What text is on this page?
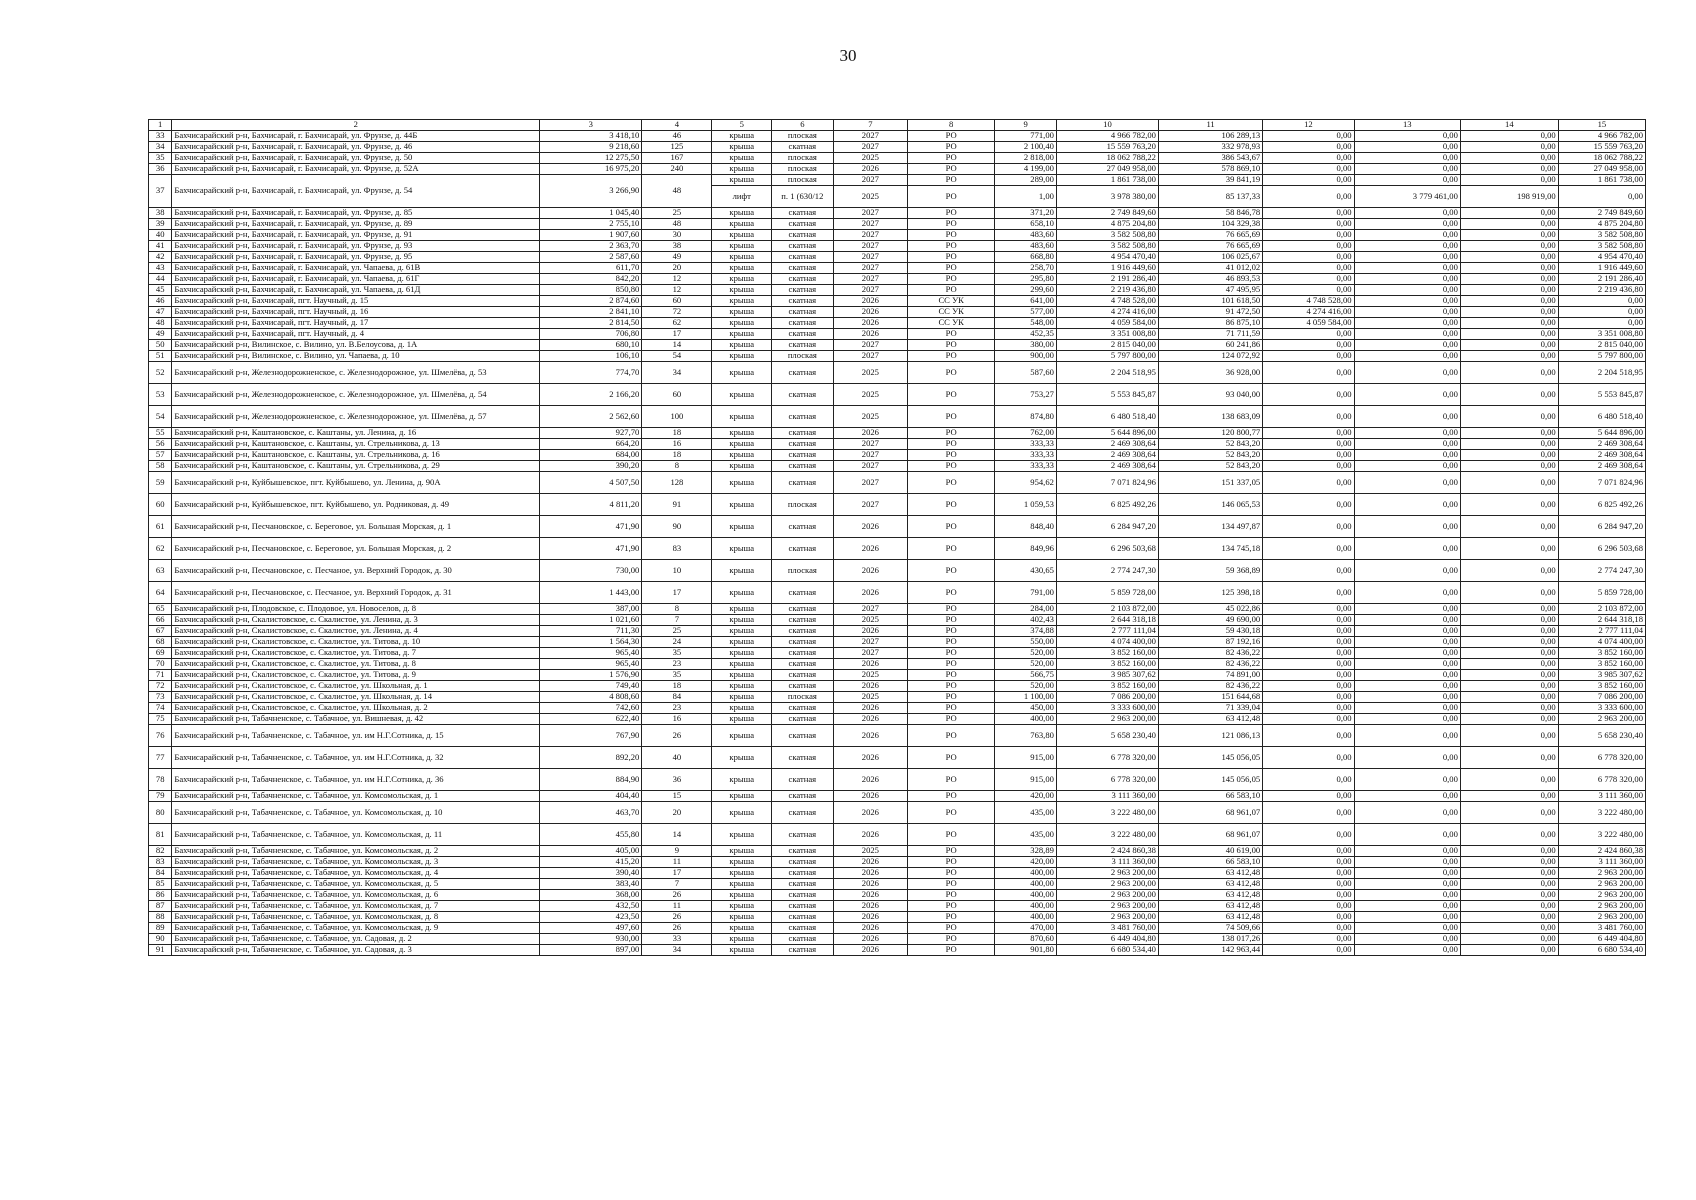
30
1	2	3	4	5	6	7	8	9	10	11	12	13	14	15
33	Бахчисарайский р-н, Бахчисарай, г. Бахчисарай, ул. Фрунзе, д. 44Б	3 418,10	46	крыша	плоская	2027	РО	771,00	4 966 782,00	106 289,13	0,00	0,00	0,00	4 966 782,00
34	Бахчисарайский р-н, Бахчисарай, г. Бахчисарай, ул. Фрунзе, д. 46	9 218,60	125	крыша	скатная	2027	РО	2 100,40	15 559 763,20	332 978,93	0,00	0,00	0,00	15 559 763,20
35	Бахчисарайский р-н, Бахчисарай, г. Бахчисарай, ул. Фрунзе, д. 50	12 275,50	167	крыша	плоская	2025	РО	2 818,00	18 062 788,22	386 543,67	0,00	0,00	0,00	18 062 788,22
36	Бахчисарайский р-н, Бахчисарай, г. Бахчисарай, ул. Фрунзе, д. 52А	16 975,20	240	крыша	плоская	2026	РО	4 199,00	27 049 958,00	578 869,10	0,00	0,00	0,00	27 049 958,00
37	Бахчисарайский р-н, Бахчисарай, г. Бахчисарай, ул. Фрунзе, д. 54	3 266,90	48	крыша	плоская	2027	РО	289,00	1 861 738,00	39 841,19	0,00	0,00	0,00	1 861 738,00
				лифт	п. 1 (630/12	2025	РО	1,00	3 978 380,00	85 137,33	0,00	3 779 461,00	198 919,00	0,00
38	Бахчисарайский р-н, Бахчисарай, г. Бахчисарай, ул. Фрунзе, д. 85	1 045,40	25	крыша	скатная	2027	РО	371,20	2 749 849,60	58 846,78	0,00	0,00	0,00	2 749 849,60
39	Бахчисарайский р-н, Бахчисарай, г. Бахчисарай, ул. Фрунзе, д. 89	2 755,10	48	крыша	скатная	2027	РО	658,10	4 875 204,80	104 329,38	0,00	0,00	0,00	4 875 204,80
40	Бахчисарайский р-н, Бахчисарай, г. Бахчисарай, ул. Фрунзе, д. 91	1 907,60	30	крыша	скатная	2027	РО	483,60	3 582 508,80	76 665,69	0,00	0,00	0,00	3 582 508,80
41	Бахчисарайский р-н, Бахчисарай, г. Бахчисарай, ул. Фрунзе, д. 93	2 363,70	38	крыша	скатная	2027	РО	483,60	3 582 508,80	76 665,69	0,00	0,00	0,00	3 582 508,80
42	Бахчисарайский р-н, Бахчисарай, г. Бахчисарай, ул. Фрунзе, д. 95	2 587,60	49	крыша	скатная	2027	РО	668,80	4 954 470,40	106 025,67	0,00	0,00	0,00	4 954 470,40
43	Бахчисарайский р-н, Бахчисарай, г. Бахчисарай, ул. Чапаева, д. 61В	611,70	20	крыша	скатная	2027	РО	258,70	1 916 449,60	41 012,02	0,00	0,00	0,00	1 916 449,60
44	Бахчисарайский р-н, Бахчисарай, г. Бахчисарай, ул. Чапаева, д. 61Г	842,20	12	крыша	скатная	2027	РО	295,80	2 191 286,40	46 893,53	0,00	0,00	0,00	2 191 286,40
45	Бахчисарайский р-н, Бахчисарай, г. Бахчисарай, ул. Чапаева, д. 61Д	850,80	12	крыша	скатная	2027	РО	299,60	2 219 436,80	47 495,95	0,00	0,00	0,00	2 219 436,80
46	Бахчисарайский р-н, Бахчисарай, пгт. Научный, д. 15	2 874,60	60	крыша	скатная	2026	СС УК	641,00	4 748 528,00	101 618,50	4 748 528,00	0,00	0,00	0,00
47	Бахчисарайский р-н, Бахчисарай, пгт. Научный, д. 16	2 841,10	72	крыша	скатная	2026	СС УК	577,00	4 274 416,00	91 472,50	4 274 416,00	0,00	0,00	0,00
48	Бахчисарайский р-н, Бахчисарай, пгт. Научный, д. 17	2 814,50	62	крыша	скатная	2026	СС УК	548,00	4 059 584,00	86 875,10	4 059 584,00	0,00	0,00	0,00
49	Бахчисарайский р-н, Бахчисарай, пгт. Научный, д. 4	706,80	17	крыша	скатная	2026	РО	452,35	3 351 008,80	71 711,59	0,00	0,00	0,00	3 351 008,80
50	Бахчисарайский р-н, Вилинское, с. Вилино, ул. В.Белоусова, д. 1А	680,10	14	крыша	скатная	2027	РО	380,00	2 815 040,00	60 241,86	0,00	0,00	0,00	2 815 040,00
51	Бахчисарайский р-н, Вилинское, с. Вилино, ул. Чапаева, д. 10	106,10	54	крыша	плоская	2027	РО	900,00	5 797 800,00	124 072,92	0,00	0,00	0,00	5 797 800,00
52	Бахчисарайский р-н, Железнодорожненское, с. Железнодорожное, ул. Шмелёва, д. 53	774,70	34	крыша	скатная	2025	РО	587,60	2 204 518,95	36 928,00	0,00	0,00	0,00	2 204 518,95
53	Бахчисарайский р-н, Железнодорожненское, с. Железнодорожное, ул. Шмелёва, д. 54	2 166,20	60	крыша	скатная	2025	РО	753,27	5 553 845,87	93 040,00	0,00	0,00	0,00	5 553 845,87
54	Бахчисарайский р-н, Железнодорожненское, с. Железнодорожное, ул. Шмелёва, д. 57	2 562,60	100	крыша	скатная	2025	РО	874,80	6 480 518,40	138 683,09	0,00	0,00	0,00	6 480 518,40
55	Бахчисарайский р-н, Каштановское, с. Каштаны, ул. Ленина, д. 16	927,70	18	крыша	скатная	2026	РО	762,00	5 644 896,00	120 800,77	0,00	0,00	0,00	5 644 896,00
56	Бахчисарайский р-н, Каштановское, с. Каштаны, ул. Стрельникова, д. 13	664,20	16	крыша	скатная	2027	РО	333,33	2 469 308,64	52 843,20	0,00	0,00	0,00	2 469 308,64
57	Бахчисарайский р-н, Каштановское, с. Каштаны, ул. Стрельникова, д. 16	684,00	18	крыша	скатная	2027	РО	333,33	2 469 308,64	52 843,20	0,00	0,00	0,00	2 469 308,64
58	Бахчисарайский р-н, Каштановское, с. Каштаны, ул. Стрельникова, д. 29	390,20	8	крыша	скатная	2027	РО	333,33	2 469 308,64	52 843,20	0,00	0,00	0,00	2 469 308,64
59	Бахчисарайский р-н, Куйбышевское, пгт. Куйбышево, ул. Ленина, д. 90А	4 507,50	128	крыша	скатная	2027	РО	954,62	7 071 824,96	151 337,05	0,00	0,00	0,00	7 071 824,96
60	Бахчисарайский р-н, Куйбышевское, пгт. Куйбышево, ул. Родниковая, д. 49	4 811,20	91	крыша	плоская	2027	РО	1 059,53	6 825 492,26	146 065,53	0,00	0,00	0,00	6 825 492,26
61	Бахчисарайский р-н, Песчановское, с. Береговое, ул. Большая Морская, д. 1	471,90	90	крыша	скатная	2026	РО	848,40	6 284 947,20	134 497,87	0,00	0,00	0,00	6 284 947,20
62	Бахчисарайский р-н, Песчановское, с. Береговое, ул. Большая Морская, д. 2	471,90	83	крыша	скатная	2026	РО	849,96	6 296 503,68	134 745,18	0,00	0,00	0,00	6 296 503,68
63	Бахчисарайский р-н, Песчановское, с. Песчаное, ул. Верхний Городок, д. 30	730,00	10	крыша	плоская	2026	РО	430,65	2 774 247,30	59 368,89	0,00	0,00	0,00	2 774 247,30
64	Бахчисарайский р-н, Песчановское, с. Песчаное, ул. Верхний Городок, д. 31	1 443,00	17	крыша	скатная	2026	РО	791,00	5 859 728,00	125 398,18	0,00	0,00	0,00	5 859 728,00
65	Бахчисарайский р-н, Плодовское, с. Плодовое, ул. Новоселов, д. 8	387,00	8	крыша	скатная	2027	РО	284,00	2 103 872,00	45 022,86	0,00	0,00	0,00	2 103 872,00
66	Бахчисарайский р-н, Скалистовское, с. Скалистое, ул. Ленина, д. 3	1 021,60	7	крыша	скатная	2025	РО	402,43	2 644 318,18	49 690,00	0,00	0,00	0,00	2 644 318,18
67	Бахчисарайский р-н, Скалистовское, с. Скалистое, ул. Ленина, д. 4	711,30	25	крыша	скатная	2026	РО	374,88	2 777 111,04	59 430,18	0,00	0,00	0,00	2 777 111,04
68	Бахчисарайский р-н, Скалистовское, с. Скалистое, ул. Титова, д. 10	1 564,30	24	крыша	скатная	2027	РО	550,00	4 074 400,00	87 192,16	0,00	0,00	0,00	4 074 400,00
69	Бахчисарайский р-н, Скалистовское, с. Скалистое, ул. Титова, д. 7	965,40	35	крыша	скатная	2027	РО	520,00	3 852 160,00	82 436,22	0,00	0,00	0,00	3 852 160,00
70	Бахчисарайский р-н, Скалистовское, с. Скалистое, ул. Титова, д. 8	965,40	23	крыша	скатная	2026	РО	520,00	3 852 160,00	82 436,22	0,00	0,00	0,00	3 852 160,00
71	Бахчисарайский р-н, Скалистовское, с. Скалистое, ул. Титова, д. 9	1 576,90	35	крыша	скатная	2025	РО	566,75	3 985 307,62	74 891,00	0,00	0,00	0,00	3 985 307,62
72	Бахчисарайский р-н, Скалистовское, с. Скалистое, ул. Школьная, д. 1	749,40	18	крыша	скатная	2026	РО	520,00	3 852 160,00	82 436,22	0,00	0,00	0,00	3 852 160,00
73	Бахчисарайский р-н, Скалистовское, с. Скалистое, ул. Школьная, д. 14	4 808,60	84	крыша	плоская	2025	РО	1 100,00	7 086 200,00	151 644,68	0,00	0,00	0,00	7 086 200,00
74	Бахчисарайский р-н, Скалистовское, с. Скалистое, ул. Школьная, д. 2	742,60	23	крыша	скатная	2026	РО	450,00	3 333 600,00	71 339,04	0,00	0,00	0,00	3 333 600,00
75	Бахчисарайский р-н, Табачненское, с. Табачное, ул. Вишневая, д. 42	622,40	16	крыша	скатная	2026	РО	400,00	2 963 200,00	63 412,48	0,00	0,00	0,00	2 963 200,00
76	Бахчисарайский р-н, Табачненское, с. Табачное, ул. им Н.Г.Сотника, д. 15	767,90	26	крыша	скатная	2026	РО	763,80	5 658 230,40	121 086,13	0,00	0,00	0,00	5 658 230,40
77	Бахчисарайский р-н, Табачненское, с. Табачное, ул. им Н.Г.Сотника, д. 32	892,20	40	крыша	скатная	2026	РО	915,00	6 778 320,00	145 056,05	0,00	0,00	0,00	6 778 320,00
78	Бахчисарайский р-н, Табачненское, с. Табачное, ул. им Н.Г.Сотника, д. 36	884,90	36	крыша	скатная	2026	РО	915,00	6 778 320,00	145 056,05	0,00	0,00	0,00	6 778 320,00
79	Бахчисарайский р-н, Табачненское, с. Табачное, ул. Комсомольская, д. 1	404,40	15	крыша	скатная	2026	РО	420,00	3 111 360,00	66 583,10	0,00	0,00	0,00	3 111 360,00
80	Бахчисарайский р-н, Табачненское, с. Табачное, ул. Комсомольская, д. 10	463,70	20	крыша	скатная	2026	РО	435,00	3 222 480,00	68 961,07	0,00	0,00	0,00	3 222 480,00
81	Бахчисарайский р-н, Табачненское, с. Табачное, ул. Комсомольская, д. 11	455,80	14	крыша	скатная	2026	РО	435,00	3 222 480,00	68 961,07	0,00	0,00	0,00	3 222 480,00
82	Бахчисарайский р-н, Табачненское, с. Табачное, ул. Комсомольская, д. 2	405,00	9	крыша	скатная	2025	РО	328,89	2 424 860,38	40 619,00	0,00	0,00	0,00	2 424 860,38
83	Бахчисарайский р-н, Табачненское, с. Табачное, ул. Комсомольская, д. 3	415,20	11	крыша	скатная	2026	РО	420,00	3 111 360,00	66 583,10	0,00	0,00	0,00	3 111 360,00
84	Бахчисарайский р-н, Табачненское, с. Табачное, ул. Комсомольская, д. 4	390,40	17	крыша	скатная	2026	РО	400,00	2 963 200,00	63 412,48	0,00	0,00	0,00	2 963 200,00
85	Бахчисарайский р-н, Табачненское, с. Табачное, ул. Комсомольская, д. 5	383,40	7	крыша	скатная	2026	РО	400,00	2 963 200,00	63 412,48	0,00	0,00	0,00	2 963 200,00
86	Бахчисарайский р-н, Табачненское, с. Табачное, ул. Комсомольская, д. 6	368,00	26	крыша	скатная	2026	РО	400,00	2 963 200,00	63 412,48	0,00	0,00	0,00	2 963 200,00
87	Бахчисарайский р-н, Табачненское, с. Табачное, ул. Комсомольская, д. 7	432,50	11	крыша	скатная	2026	РО	400,00	2 963 200,00	63 412,48	0,00	0,00	0,00	2 963 200,00
88	Бахчисарайский р-н, Табачненское, с. Табачное, ул. Комсомольская, д. 8	423,50	26	крыша	скатная	2026	РО	400,00	2 963 200,00	63 412,48	0,00	0,00	0,00	2 963 200,00
89	Бахчисарайский р-н, Табачненское, с. Табачное, ул. Комсомольская, д. 9	497,60	26	крыша	скатная	2026	РО	470,00	3 481 760,00	74 509,66	0,00	0,00	0,00	3 481 760,00
90	Бахчисарайский р-н, Табачненское, с. Табачное, ул. Садовая, д. 2	930,00	33	крыша	скатная	2026	РО	870,60	6 449 404,80	138 017,26	0,00	0,00	0,00	6 449 404,80
91	Бахчисарайский р-н, Табачненское, с. Табачное, ул. Садовая, д. 3	897,00	34	крыша	скатная	2026	РО	901,80	6 680 534,40	142 963,44	0,00	0,00	0,00	6 680 534,40
